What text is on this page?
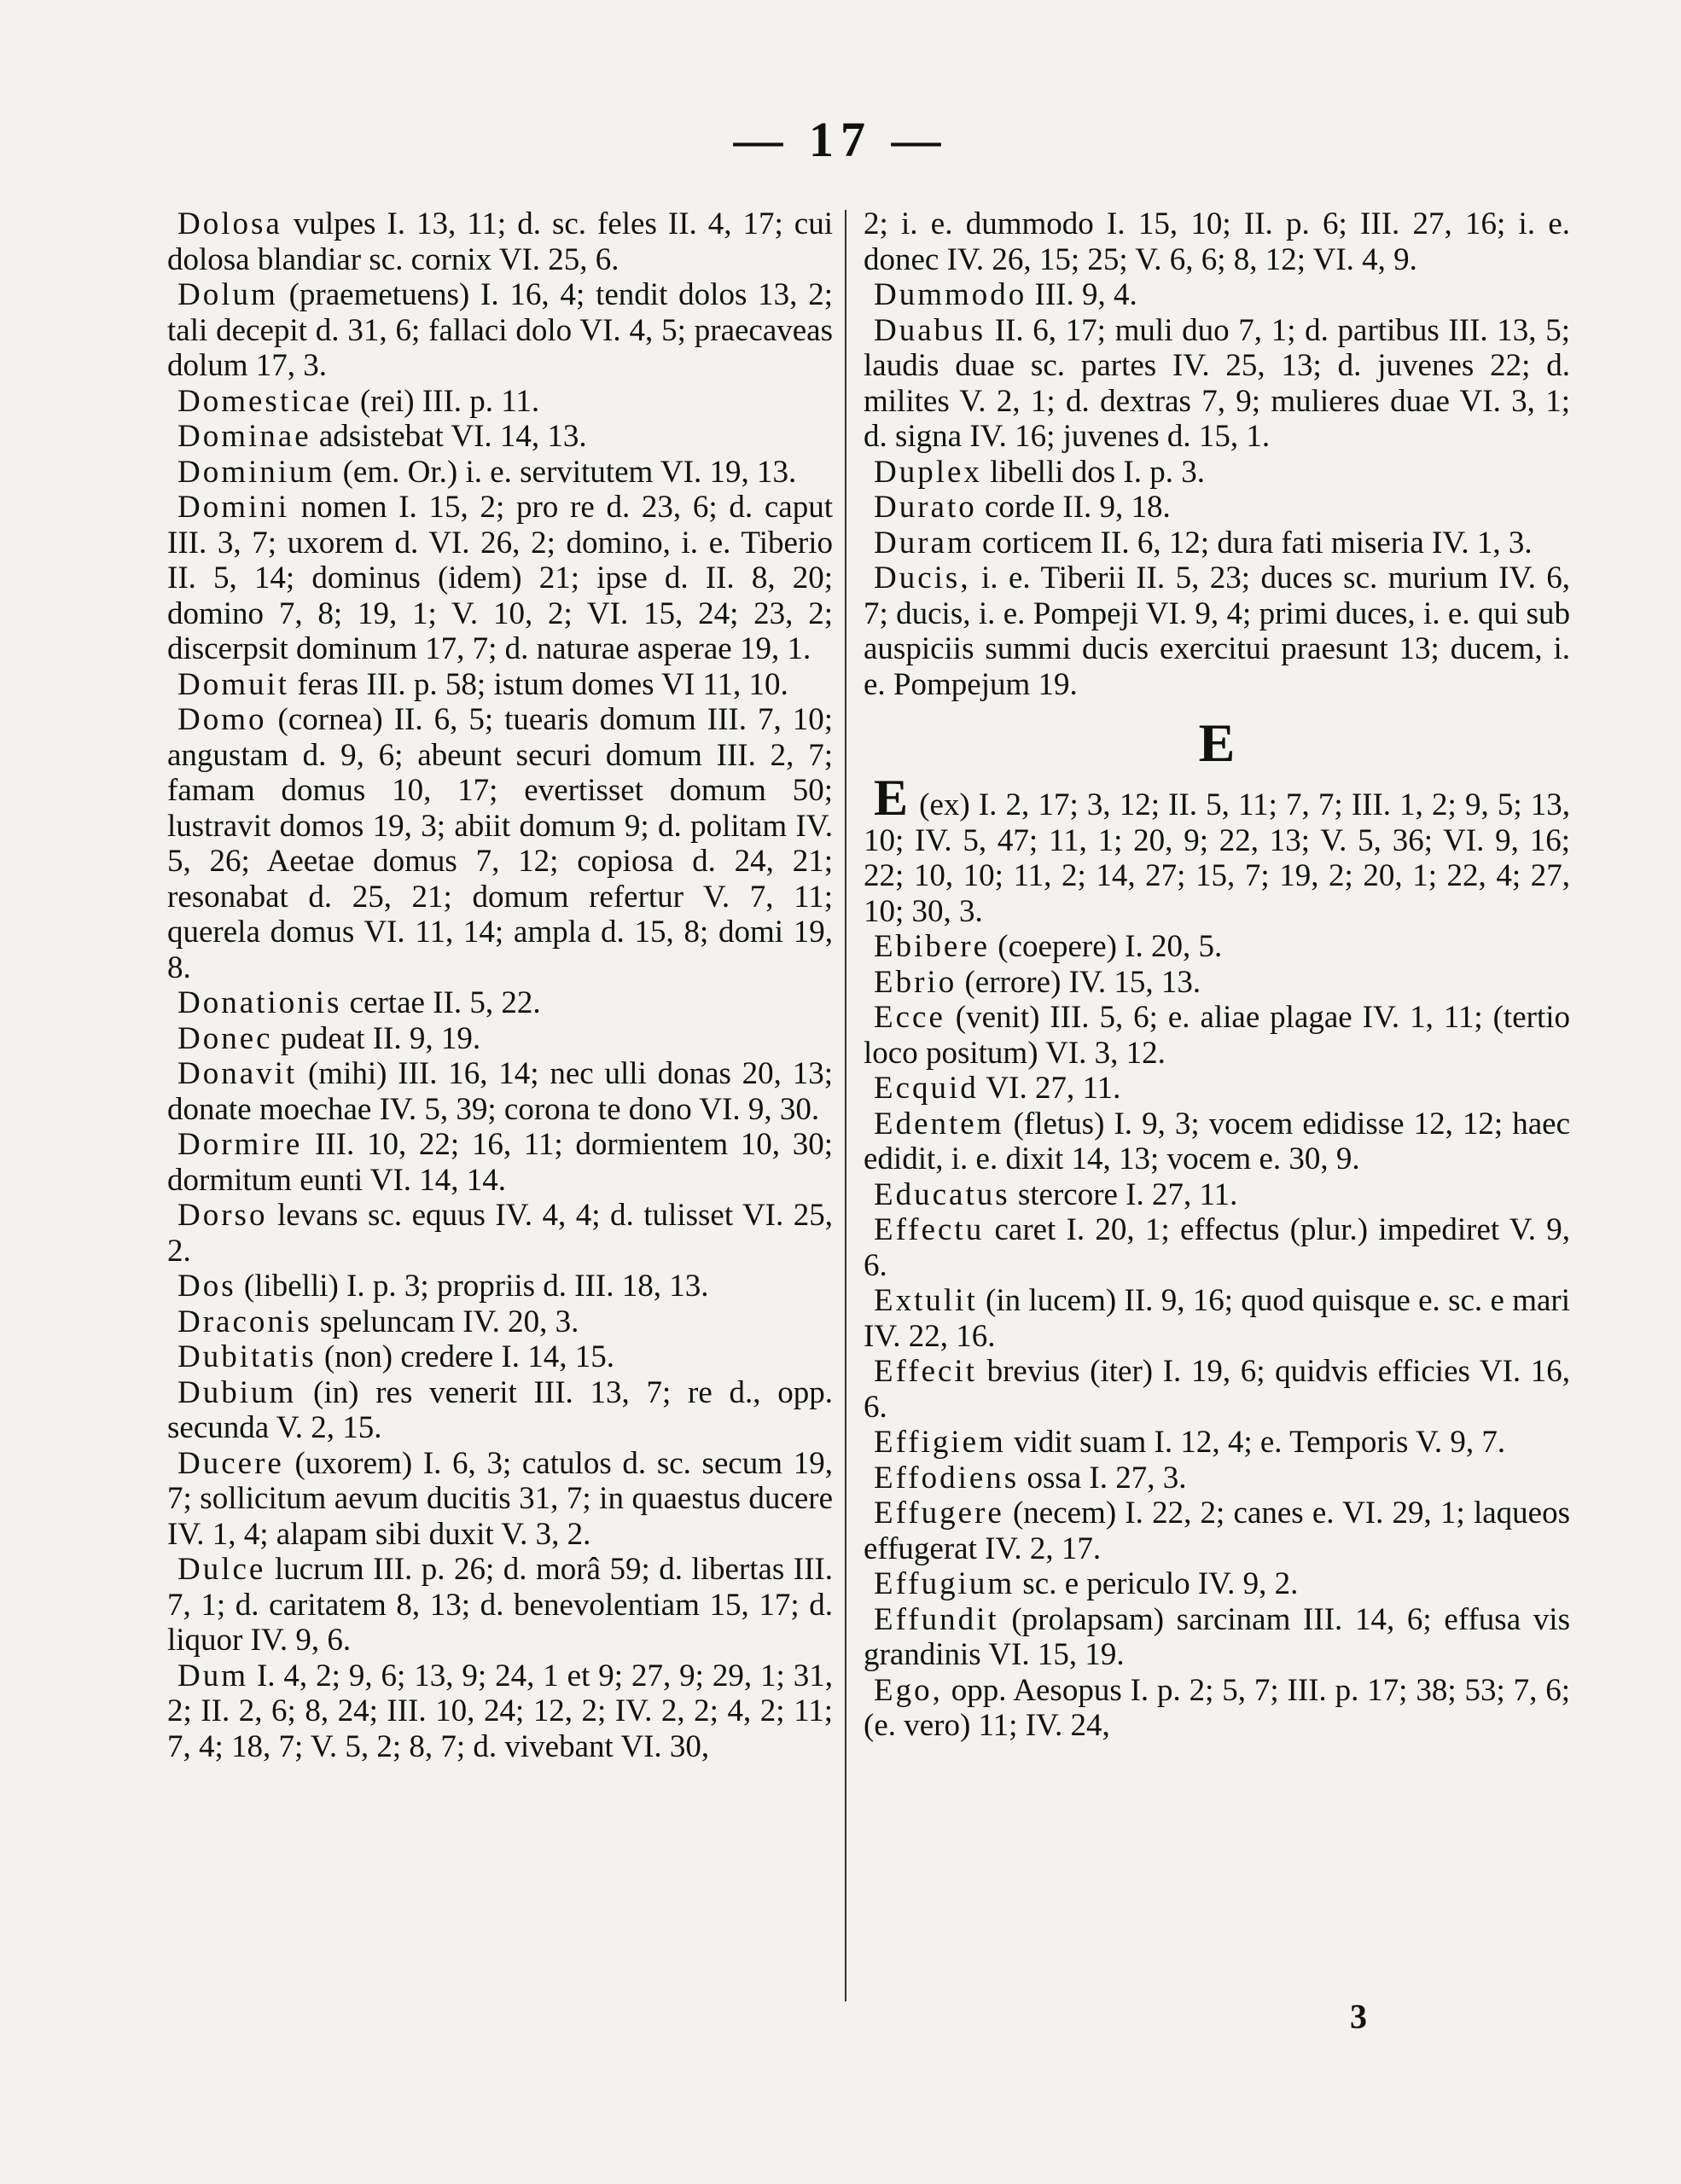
— 17 —

Dolosa vulpes I. 13, 11; d. sc. feles II. 4, 17; cui dolosa blandiar sc. cornix VI. 25, 6.

Dolum (praemetuens) I. 16, 4; tendit dolos 13, 2; tali decepit d. 31, 6; fallaci dolo VI. 4, 5; praecaveas dolum 17, 3.

Domesticae (rei) III. p. 11.

Dominae adsistebat VI. 14, 13.

Dominium (em. Or.) i. e. servitutem VI. 19, 13.

Domini nomen I. 15, 2; pro re d. 23, 6; d. caput III. 3, 7; uxorem d. VI. 26, 2; domino, i. e. Tiberio II. 5, 14; dominus (idem) 21; ipse d. II. 8, 20; domino 7, 8; 19, 1; V. 10, 2; VI. 15, 24; 23, 2; discerpsit dominum 17, 7; d. naturae asperae 19, 1.

Domuit feras III. p. 58; istum domes VI 11, 10.

Domo (cornea) II. 6, 5; tuearis domum III. 7, 10; angustam d. 9, 6; abeunt securi domum III. 2, 7; famam domus 10, 17; evertisset domum 50; lustravit domos 19, 3; abiit domum 9; d. politam IV. 5, 26; Aeetae domus 7, 12; copiosa d. 24, 21; resonabat d. 25, 21; domum refertur V. 7, 11; querela domus VI. 11, 14; ampla d. 15, 8; domi 19, 8.

Donationis certae II. 5, 22.

Donec pudeat II. 9, 19.

Donavit (mihi) III. 16, 14; nec ulli donas 20, 13; donate moechae IV. 5, 39; corona te dono VI. 9, 30.

Dormire III. 10, 22; 16, 11; dormientem 10, 30; dormitum eunti VI. 14, 14.

Dorso levans sc. equus IV. 4, 4; d. tulisset VI. 25, 2.

Dos (libelli) I. p. 3; propriis d. III. 18, 13.

Draconis speluncam IV. 20, 3.

Dubitatis (non) credere I. 14, 15.

Dubium (in) res venerit III. 13, 7; re d., opp. secunda V. 2, 15.

Ducere (uxorem) I. 6, 3; catulos d. sc. secum 19, 7; sollicitum aevum ducitis 31, 7; in quaestus ducere IV. 1, 4; alapam sibi duxit V. 3, 2.

Dulce lucrum III. p. 26; d. morâ 59; d. libertas III. 7, 1; d. caritatem 8, 13; d. benevolentiam 15, 17; d. liquor IV. 9, 6.

Dum I. 4, 2; 9, 6; 13, 9; 24, 1 et 9; 27, 9; 29, 1; 31, 2; II. 2, 6; 8, 24; III. 10, 24; 12, 2; IV. 2, 2; 4, 2; 11; 7, 4; 18, 7; V. 5, 2; 8, 7; d. vivebant VI. 30,

2; i. e. dummodo I. 15, 10; II. p. 6; III. 27, 16; i. e. donec IV. 26, 15; 25; V. 6, 6; 8, 12; VI. 4, 9.

Dummodo III. 9, 4.

Duabus II. 6, 17; muli duo 7, 1; d. partibus III. 13, 5; laudis duae sc. partes IV. 25, 13; d. juvenes 22; d. milites V. 2, 1; d. dextras 7, 9; mulieres duae VI. 3, 1; d. signa IV. 16; juvenes d. 15, 1.

Duplex libelli dos I. p. 3.

Durato corde II. 9, 18.

Duram corticem II. 6, 12; dura fati miseria IV. 1, 3.

Ducis, i. e. Tiberii II. 5, 23; duces sc. murium IV. 6, 7; ducis, i. e. Pompeji VI. 9, 4; primi duces, i. e. qui sub auspiciis summi ducis exercitui praesunt 13; ducem, i. e. Pompejum 19.

E

E (ex) I. 2, 17; 3, 12; II. 5, 11; 7, 7; III. 1, 2; 9, 5; 13, 10; IV. 5, 47; 11, 1; 20, 9; 22, 13; V. 5, 36; VI. 9, 16; 22; 10, 10; 11, 2; 14, 27; 15, 7; 19, 2; 20, 1; 22, 4; 27, 10; 30, 3.

Ebibere (coepere) I. 20, 5.

Ebrio (errore) IV. 15, 13.

Ecce (venit) III. 5, 6; e. aliae plagae IV. 1, 11; (tertio loco positum) VI. 3, 12.

Ecquid VI. 27, 11.

Edentem (fletus) I. 9, 3; vocem edidisse 12, 12; haec edidit, i. e. dixit 14, 13; vocem e. 30, 9.

Educatus stercore I. 27, 11.

Effectu caret I. 20, 1; effectus (plur.) impediret V. 9, 6.

Extulit (in lucem) II. 9, 16; quod quisque e. sc. e mari IV. 22, 16.

Effecit brevius (iter) I. 19, 6; quidvis efficies VI. 16, 6.

Effigiem vidit suam I. 12, 4; e. Temporis V. 9, 7.

Effodiens ossa I. 27, 3.

Effugere (necem) I. 22, 2; canes e. VI. 29, 1; laqueos effugerat IV. 2, 17.

Effugium sc. e periculo IV. 9, 2.

Effundit (prolapsam) sarcinam III. 14, 6; effusa vis grandinis VI. 15, 19.

Ego, opp. Aesopus I. p. 2; 5, 7; III. p. 17; 38; 53; 7, 6; (e. vero) 11; IV. 24,

3
